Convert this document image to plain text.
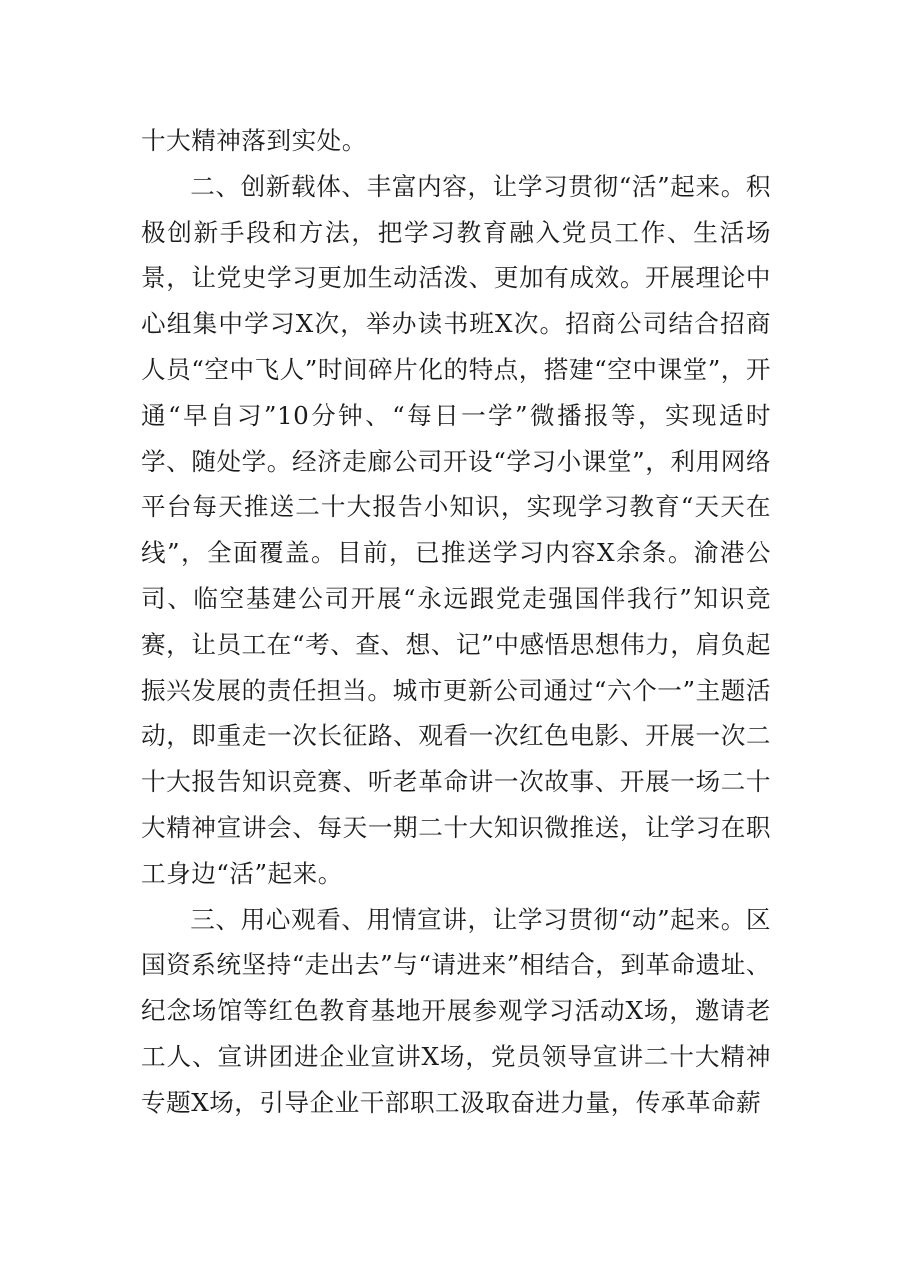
十大精神落到实处。

二、创新载体、丰富内容，让学习贯彻“活”起来。积极创新手段和方法，把学习教育融入党员工作、生活场景，让党史学习更加生动活泼、更加有成效。开展理论中心组集中学习X次，举办读书班X次。招商公司结合招商人员“空中飞人”时间碎片化的特点，搭建“空中课堂”，开通“早自习”10分钟、“每日一学”微播报等，实现适时学、随处学。经济走廊公司开设“学习小课堂”，利用网络平台每天推送二十大报告小知识，实现学习教育“天天在线”，全面覆盖。目前，已推送学习内容X余条。渝港公司、临空基建公司开展“永远跟党走强国伴我行”知识竞赛，让员工在“考、查、想、记”中感悟思想伟力，肩负起振兴发展的责任担当。城市更新公司通过“六个一”主题活动，即重走一次长征路、观看一次红色电影、开展一次二十大报告知识竞赛、听老革命讲一次故事、开展一场二十大精神宣讲会、每天一期二十大知识微推送，让学习在职工身边“活”起来。

三、用心观看、用情宣讲，让学习贯彻“动”起来。区国资系统坚持“走出去”与“请进来”相结合，到革命遗址、纪念场馆等红色教育基地开展参观学习活动X场，邀请老工人、宣讲团进企业宣讲X场，党员领导宣讲二十大精神专题X场，引导企业干部职工汲取奋进力量，传承革命薪
